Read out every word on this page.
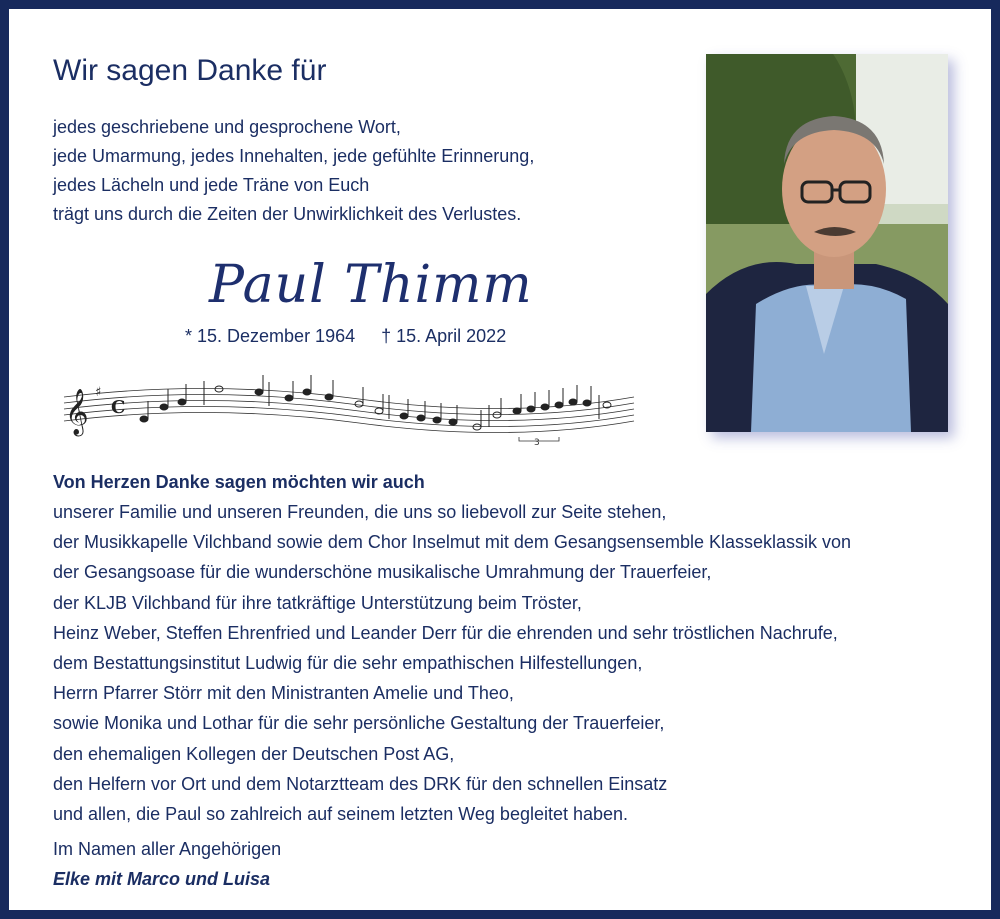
Wir sagen Danke für
jedes geschriebene und gesprochene Wort,
jede Umarmung, jedes Innehalten, jede gefühlte Erinnerung,
jedes Lächeln und jede Träne von Euch
trägt uns durch die Zeiten der Unwirklichkeit des Verlustes.
Paul Thimm
* 15. Dezember 1964 † 15. April 2022
𝄞 ♯
C
3
Von Herzen Danke sagen möchten wir auch
unserer Familie und unseren Freunden, die uns so liebevoll zur Seite stehen,
der Musikkapelle Vilchband sowie dem Chor Inselmut mit dem Gesangsensemble Klasseklassik von
der Gesangsoase für die wunderschöne musikalische Umrahmung der Trauerfeier,
der KLJB Vilchband für ihre tatkräftige Unterstützung beim Tröster,
Heinz Weber, Steffen Ehrenfried und Leander Derr für die ehrenden und sehr tröstlichen Nachrufe,
dem Bestattungsinstitut Ludwig für die sehr empathischen Hilfestellungen,
Herrn Pfarrer Störr mit den Ministranten Amelie und Theo,
sowie Monika und Lothar für die sehr persönliche Gestaltung der Trauerfeier,
den ehemaligen Kollegen der Deutschen Post AG,
den Helfern vor Ort und dem Notarztteam des DRK für den schnellen Einsatz
und allen, die Paul so zahlreich auf seinem letzten Weg begleitet haben.
Im Namen aller Angehörigen
Elke mit Marco und Luisa
